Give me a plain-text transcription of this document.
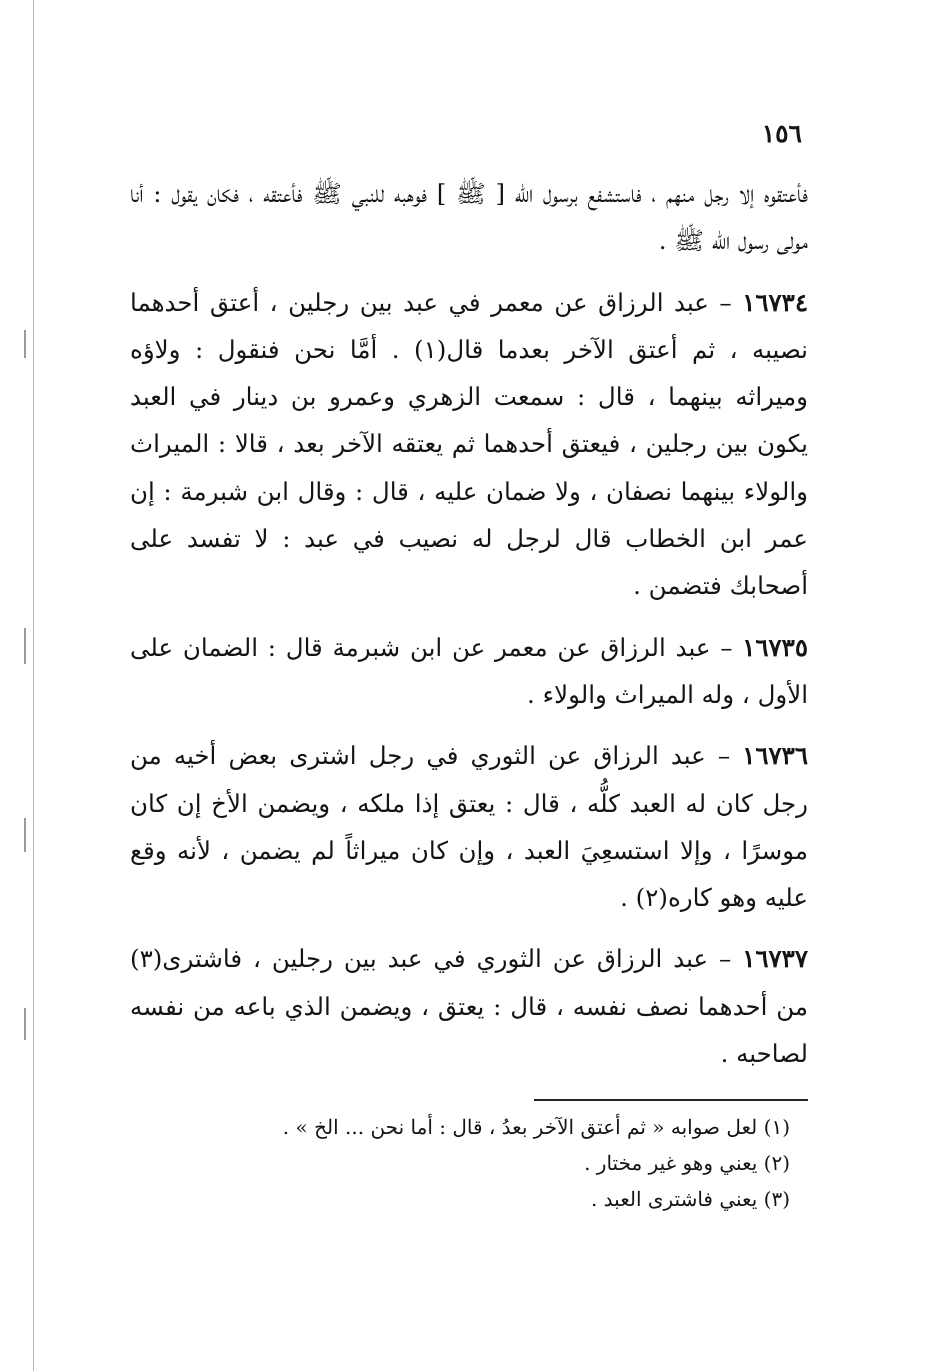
١٥٦

فأعتقوه إلا رجل منهم ، فاستشفع برسول الله [ ﷺ ] فوهبه للنبي ﷺ فأعتقه ، فكان يقول : أنا مولى رسول الله ﷺ .

١٦٧٣٤ – عبد الرزاق عن معمر في عبد بين رجلين ، أعتق أحدهما نصيبه ، ثم أعتق الآخر بعدما قال(١) . أمَّا نحن فنقول : ولاؤه وميراثه بينهما ، قال : سمعت الزهري وعمرو بن دينار في العبد يكون بين رجلين ، فيعتق أحدهما ثم يعتقه الآخر بعد ، قالا : الميراث والولاء بينهما نصفان ، ولا ضمان عليه ، قال : وقال ابن شبرمة : إن عمر ابن الخطاب قال لرجل له نصيب في عبد : لا تفسد على أصحابك فتضمن .

١٦٧٣٥ – عبد الرزاق عن معمر عن ابن شبرمة قال : الضمان على الأول ، وله الميراث والولاء .

١٦٧٣٦ – عبد الرزاق عن الثوري في رجل اشترى بعض أخيه من رجل كان له العبد كلُّه ، قال : يعتق إذا ملكه ، ويضمن الأخ إن كان موسرًا ، وإلا استسعِيَ العبد ، وإن كان ميراثاً لم يضمن ، لأنه وقع عليه وهو كاره(٢) .

١٦٧٣٧ – عبد الرزاق عن الثوري في عبد بين رجلين ، فاشترى(٣) من أحدهما نصف نفسه ، قال : يعتق ، ويضمن الذي باعه من نفسه لصاحبه .

(١) لعل صوابه « ثم أعتق الآخر بعدُ ، قال : أما نحن ... الخ » .
(٢) يعني وهو غير مختار .
(٣) يعني فاشترى العبد .
